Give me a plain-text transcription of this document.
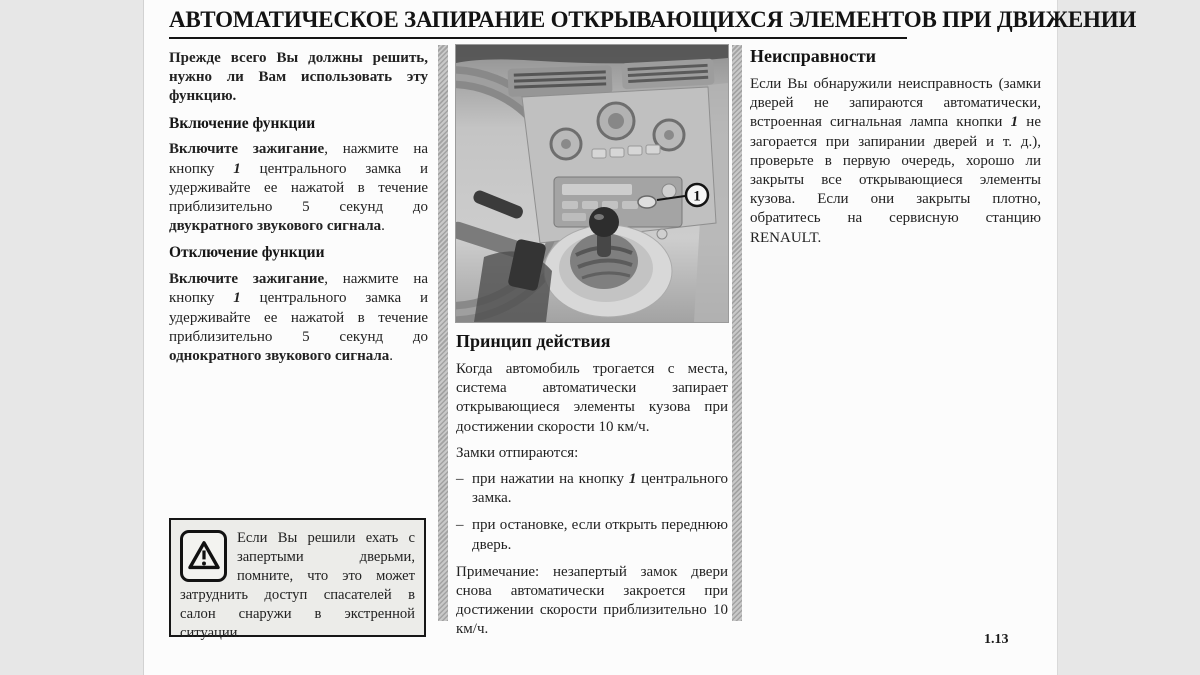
АВТОМАТИЧЕСКОЕ ЗАПИРАНИЕ ОТКРЫВАЮЩИХСЯ ЭЛЕМЕНТОВ ПРИ ДВИЖЕНИИ

Прежде всего Вы должны решить, нужно ли Вам использовать эту функцию.

Включение функции

Включите зажигание, нажмите на кнопку 1 центрального замка и удерживайте ее нажатой в течение приблизительно 5 секунд до двукратного звукового сигнала.

Отключение функции

Включите зажигание, нажмите на кнопку 1 центрального замка и удерживайте ее нажатой в течение приблизительно 5 секунд до однократного звукового сигнала.

1

Принцип действия

Когда автомобиль трогается с места, система автоматически запирает открывающиеся элементы кузова при достижении скорости 10 км/ч.

Замки отпираются:

– при нажатии на кнопку 1 центрального замка.
– при остановке, если открыть переднюю дверь.

Примечание: незапертый замок двери снова автоматически закроется при достижении скорости приблизительно 10 км/ч.

Неисправности

Если Вы обнаружили неисправность (замки дверей не запираются автоматически, встроенная сигнальная лампа кнопки 1 не загорается при запирании дверей и т. д.), проверьте в первую очередь, хорошо ли закрыты все открывающиеся элементы кузова. Если они закрыты плотно, обратитесь на сервисную станцию RENAULT.

Если Вы решили ехать с запертыми дверьми, помните, что это может затруднить доступ спасателей в салон снаружи в экстренной ситуации.	1.13
